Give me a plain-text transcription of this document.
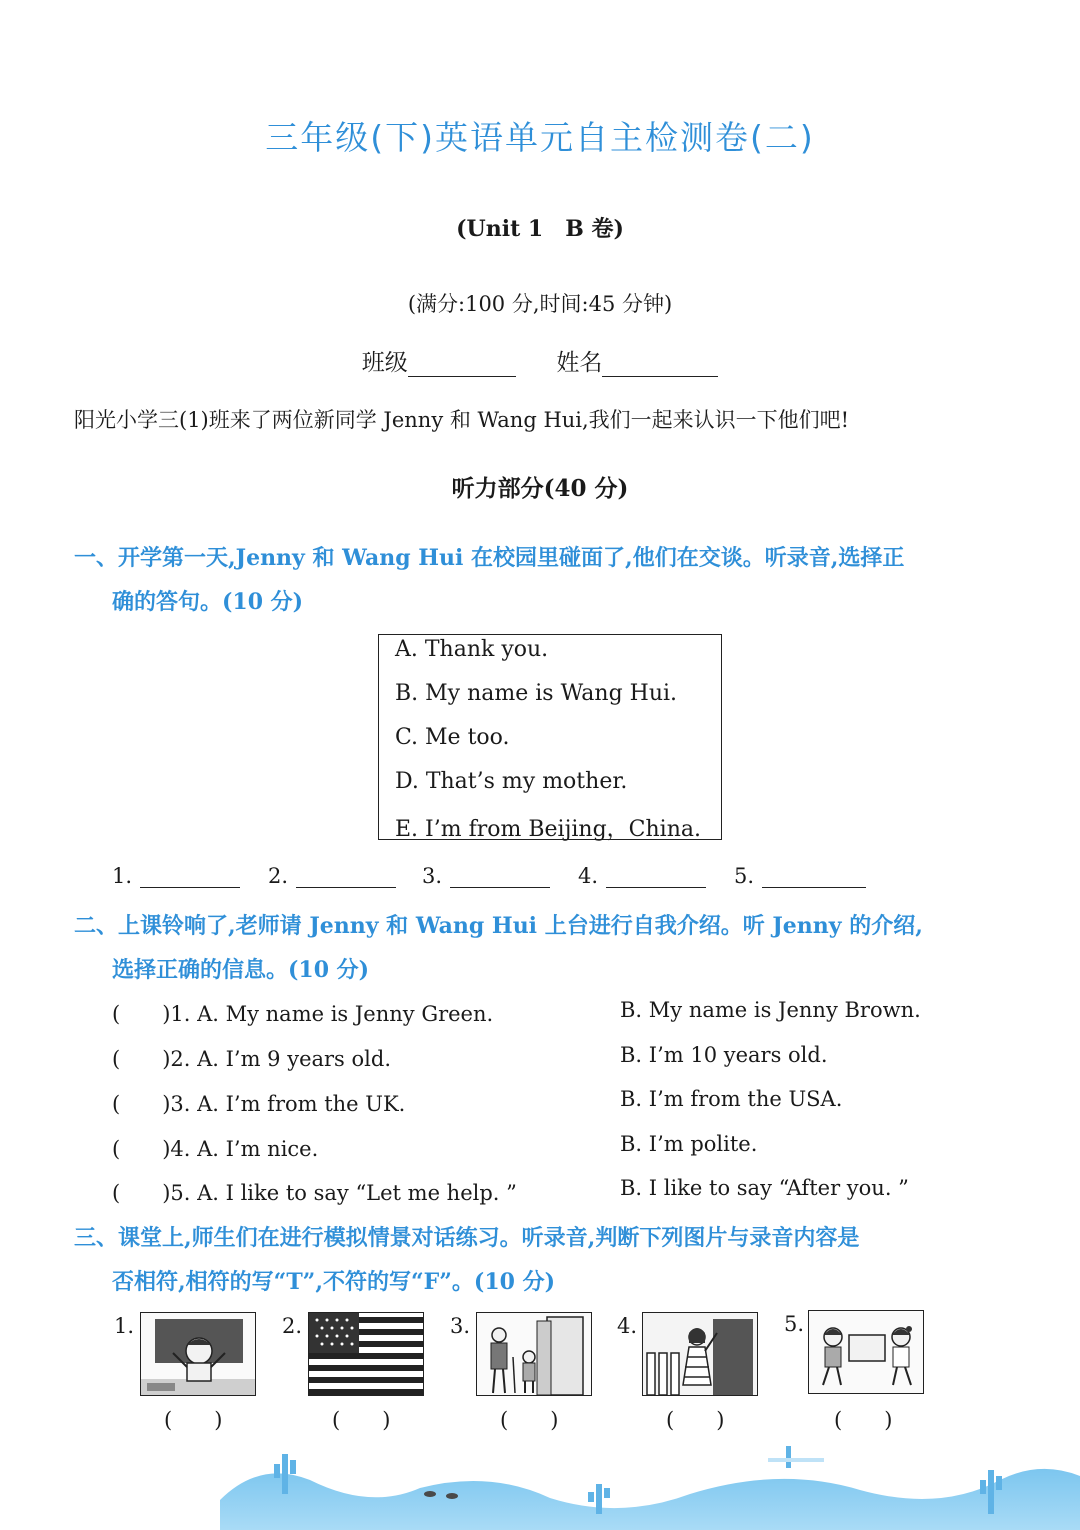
三年级(下)英语单元自主检测卷(二)
(Unit 1　B 卷)
(满分:100 分,时间:45 分钟)
班级	姓名
阳光小学三(1)班来了两位新同学 Jenny 和 Wang Hui,我们一起来认识一下他们吧!
听力部分(40 分)
一、开学第一天,Jenny 和 Wang Hui 在校园里碰面了,他们在交谈。听录音,选择正
确的答句。(10 分)
A. Thank you.
B. My name is Wang Hui.
C. Me too.
D. That’s my mother.
E. I’m from Beijing，China.
1.	2.	3.	4.	5.
二、上课铃响了,老师请 Jenny 和 Wang Hui 上台进行自我介绍。听 Jenny 的介绍,
选择正确的信息。(10 分)
(　　)1. A. My name is Jenny Green.	B. My name is Jenny Brown.
(　　)2. A. I’m 9 years old.	B. I’m 10 years old.
(　　)3. A. I’m from the UK.	B. I’m from the USA.
(　　)4. A. I’m nice.	B. I’m polite.
(　　)5. A. I like to say “Let me help. ”	B. I like to say “After you. ”
三、课堂上,师生们在进行模拟情景对话练习。听录音,判断下列图片与录音内容是
否相符,相符的写“T”,不符的写“F”。(10 分)
1.
(　　)
2.
(　　)
3.
(　　)
4.
(　　)
5.
(　　)
